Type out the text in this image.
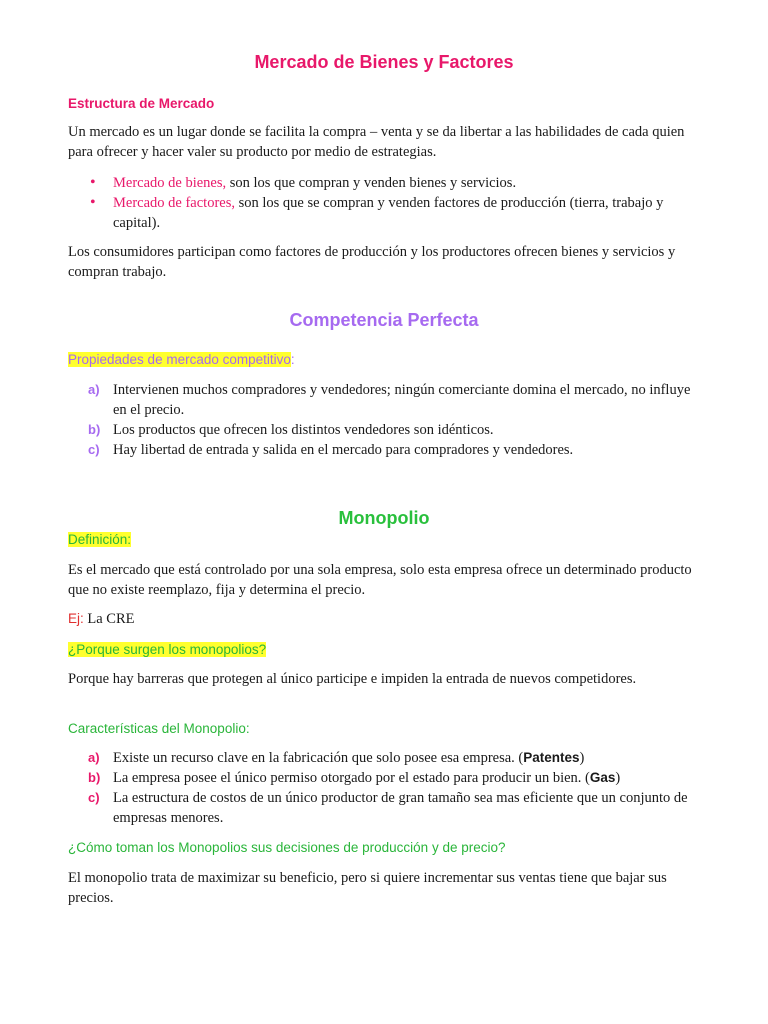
Mercado de Bienes y Factores
Estructura de Mercado

Un mercado es un lugar donde se facilita la compra – venta y se da libertar a las habilidades de cada quien para ofrecer y hacer valer su producto por medio de estrategias.

• Mercado de bienes, son los que compran y venden bienes y servicios.
• Mercado de factores, son los que se compran y venden factores de producción (tierra, trabajo y capital).

Los consumidores participan como factores de producción y los productores ofrecen bienes y servicios y compran trabajo.

Competencia Perfecta
Propiedades de mercado competitivo:
a) Intervienen muchos compradores y vendedores; ningún comerciante domina el mercado, no influye en el precio.
b) Los productos que ofrecen los distintos vendedores son idénticos.
c) Hay libertad de entrada y salida en el mercado para compradores y vendedores.
Monopolio
Definición:

Es el mercado que está controlado por una sola empresa, solo esta empresa ofrece un determinado producto que no existe reemplazo, fija y determina el precio.

Ej: La CRE

¿Porque surgen los monopolios?

Porque hay barreras que protegen al único participe e impiden la entrada de nuevos competidores.

Características del Monopolio:
a) Existe un recurso clave en la fabricación que solo posee esa empresa. (Patentes)
b) La empresa posee el único permiso otorgado por el estado para producir un bien. (Gas)
c) La estructura de costos de un único productor de gran tamaño sea mas eficiente que un conjunto de empresas menores.
¿Cómo toman los Monopolios sus decisiones de producción y de precio?

El monopolio trata de maximizar su beneficio, pero si quiere incrementar sus ventas tiene que bajar sus precios.
